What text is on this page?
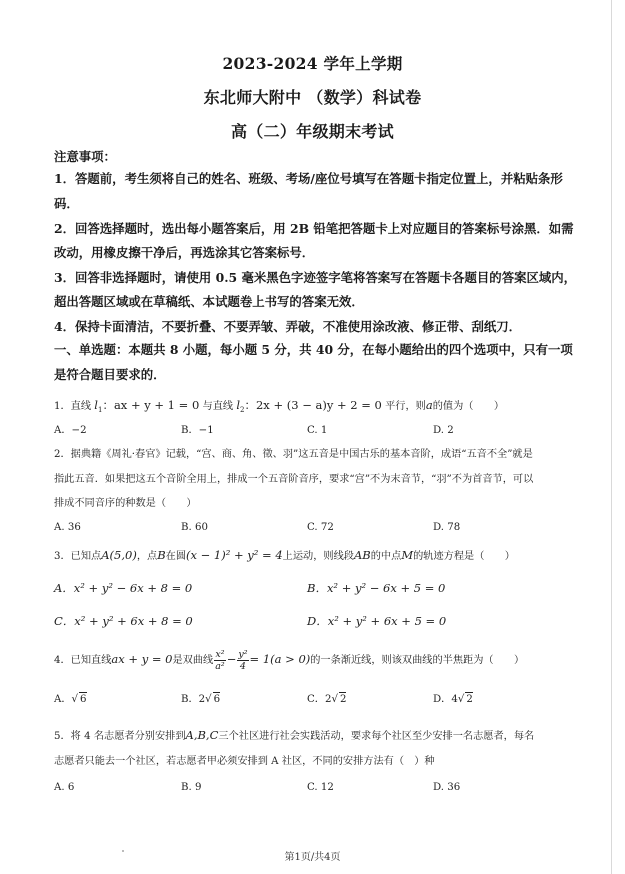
2023-2024 学年上学期
东北师大附中 （数学）科试卷
高（二）年级期末考试
注意事项：
1．答题前，考生须将自己的姓名、班级、考场/座位号填写在答题卡指定位置上，并粘贴条形
码．
2．回答选择题时，选出每小题答案后，用 2B 铅笔把答题卡上对应题目的答案标号涂黑．如需
改动，用橡皮擦干净后，再选涂其它答案标号．
3．回答非选择题时，请使用 0.5 毫米黑色字迹签字笔将答案写在答题卡各题目的答案区域内，
超出答题区域或在草稿纸、本试题卷上书写的答案无效．
4．保持卡面清洁，不要折叠、不要弄皱、弄破，不准使用涂改液、修正带、刮纸刀．
一、单选题：本题共 8 小题，每小题 5 分，共 40 分，在每小题给出的四个选项中，只有一项
是符合题目要求的．
1．直线 $l_1$：ax + y + 1 = 0 与直线 $l_2$：2x + (3 − a)y + 2 = 0 平行，则a的值为（　　）
A．−2	B．−1	C. 1	D. 2
2．据典籍《周礼·春官》记载，“宫、商、角、徵、羽”这五音是中国古乐的基本音阶，成语“五音不全”就是
指此五音．如果把这五个音阶全用上，排成一个五音阶音序，要求“宫”不为末音节，“羽”不为首音节，可以
排成不同音序的种数是（　　）
A. 36	B. 60	C. 72	D. 78
3．已知点A(5,0)，点B在圆(x − 1)² + y² = 4上运动，则线段AB的中点M的轨迹方程是（　　）
A．x² + y² − 6x + 8 = 0	B．x² + y² − 6x + 5 = 0
C．x² + y² + 6x + 8 = 0	D．x² + y² + 6x + 5 = 0
4．已知直线ax + y = 0是双曲线 $\frac{\text{x²}}{\text{a²}} - \frac{\text{y²}}{4} = 1(a > 0)$的一条渐近线，则该双曲线的半焦距为（　　）
A．√ 6	B．2√ 6	C．2√ 2	D．4√ 2
5．将 4 名志愿者分别安排到A,B,C三个社区进行社会实践活动，要求每个社区至少安排一名志愿者，每名
志愿者只能去一个社区，若志愿者甲必须安排到 A 社区，不同的安排方法有（　）种
A. 6	B. 9	C. 12	D. 36
第1页/共4页
